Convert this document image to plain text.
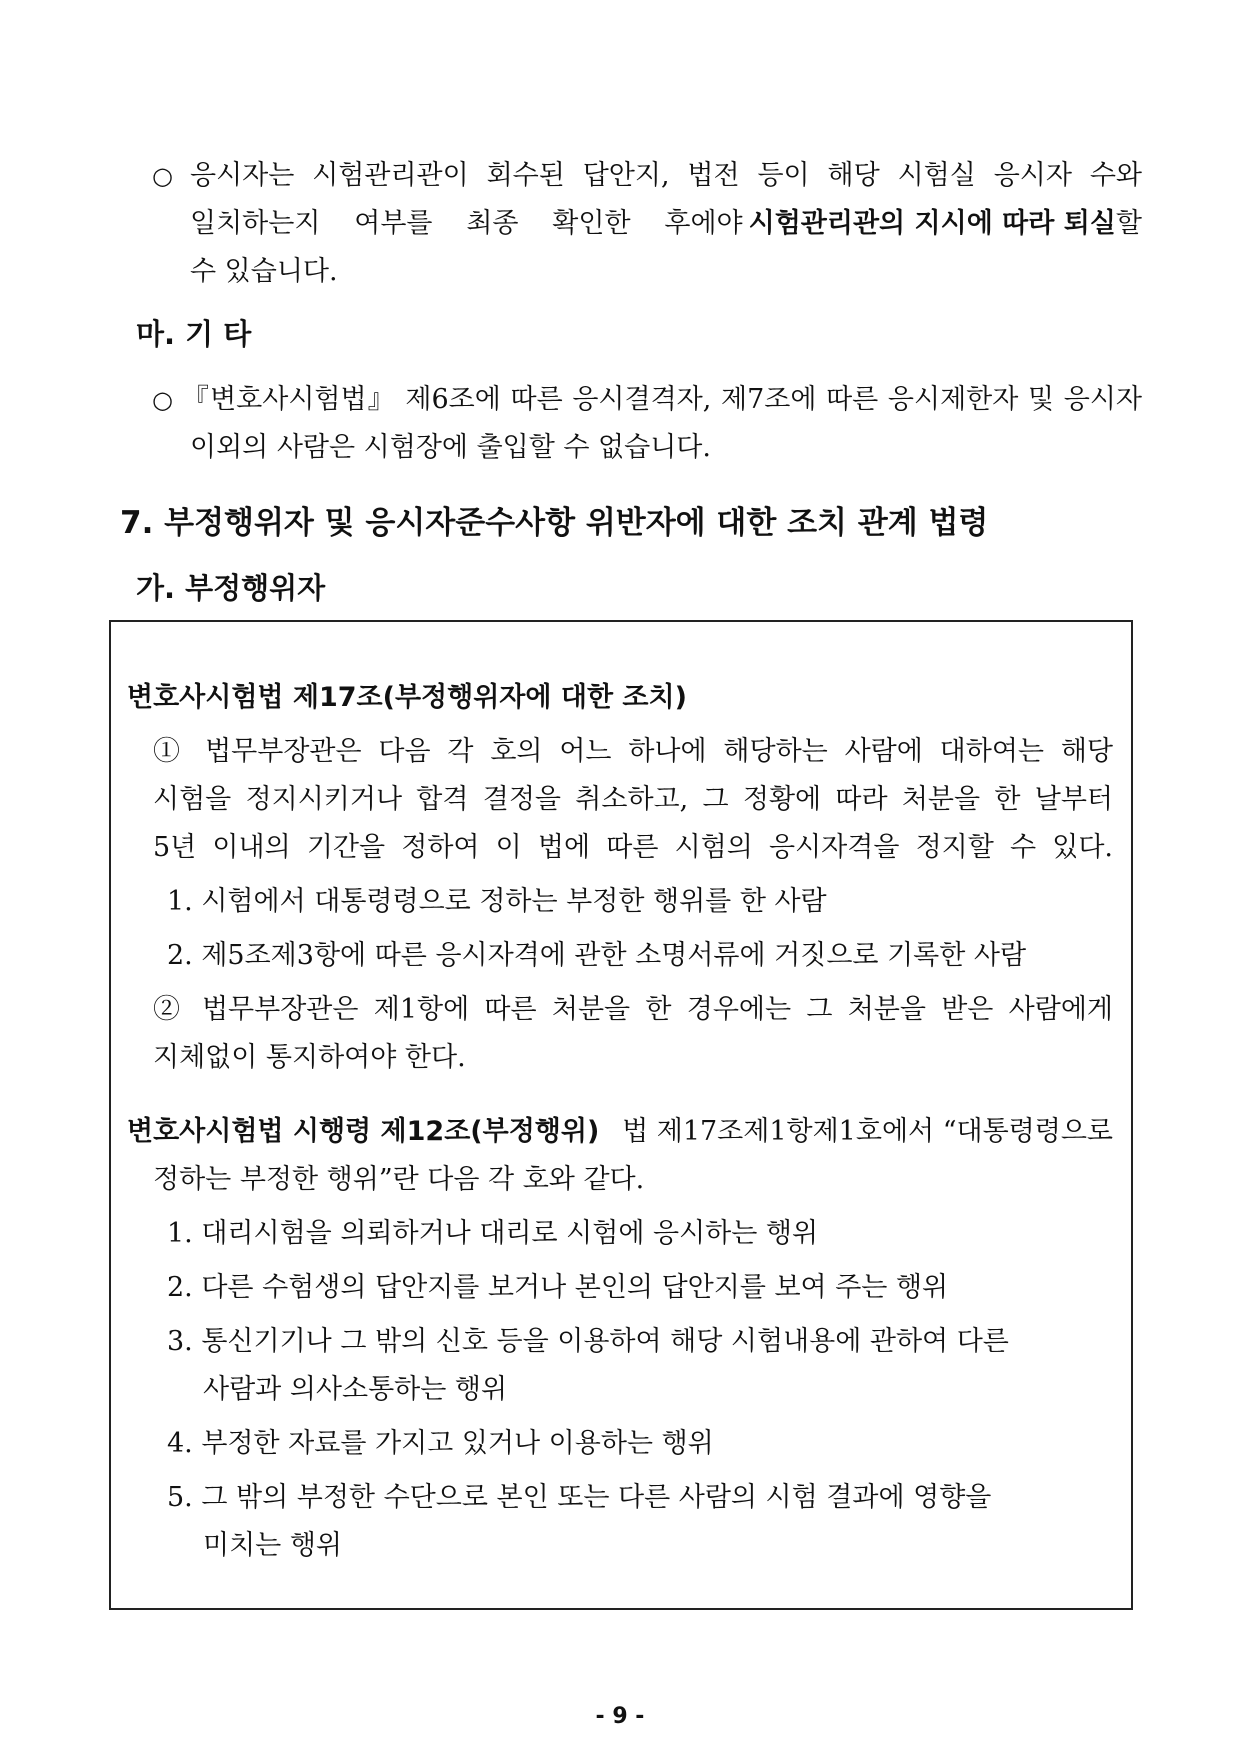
○ 응시자는 시험관리관이 회수된 답안지, 법전 등이 해당 시험실 응시자 수와
일치하는지 여부를 최종 확인한 후에야 시험관리관의 지시에 따라 퇴실 할
수 있습니다.
마. 기 타
○ 『변호사시험법』 제6조에 따른 응시결격자, 제7조에 따른 응시제한자 및 응시자
이외의 사람은 시험장에 출입할 수 없습니다.
7. 부정행위자 및 응시자준수사항 위반자에 대한 조치 관계 법령
가. 부정행위자
변호사시험법 제17조(부정행위자에 대한 조치)
① 법무부장관은 다음 각 호의 어느 하나에 해당하는 사람에 대하여는 해당
시험을 정지시키거나 합격 결정을 취소하고, 그 정황에 따라 처분을 한 날부터
5년 이내의 기간을 정하여 이 법에 따른 시험의 응시자격을 정지할 수 있다.
1. 시험에서 대통령령으로 정하는 부정한 행위를 한 사람
2. 제5조제3항에 따른 응시자격에 관한 소명서류에 거짓으로 기록한 사람
② 법무부장관은 제1항에 따른 처분을 한 경우에는 그 처분을 받은 사람에게
지체없이 통지하여야 한다.
변호사시험법 시행령 제12조(부정행위) 법 제17조제1항제1호에서 “대통령령으로
정하는 부정한 행위”란 다음 각 호와 같다.
1. 대리시험을 의뢰하거나 대리로 시험에 응시하는 행위
2. 다른 수험생의 답안지를 보거나 본인의 답안지를 보여 주는 행위
3. 통신기기나 그 밖의 신호 등을 이용하여 해당 시험내용에 관하여 다른
사람과 의사소통하는 행위
4. 부정한 자료를 가지고 있거나 이용하는 행위
5. 그 밖의 부정한 수단으로 본인 또는 다른 사람의 시험 결과에 영향을
미치는 행위
- 9 -
